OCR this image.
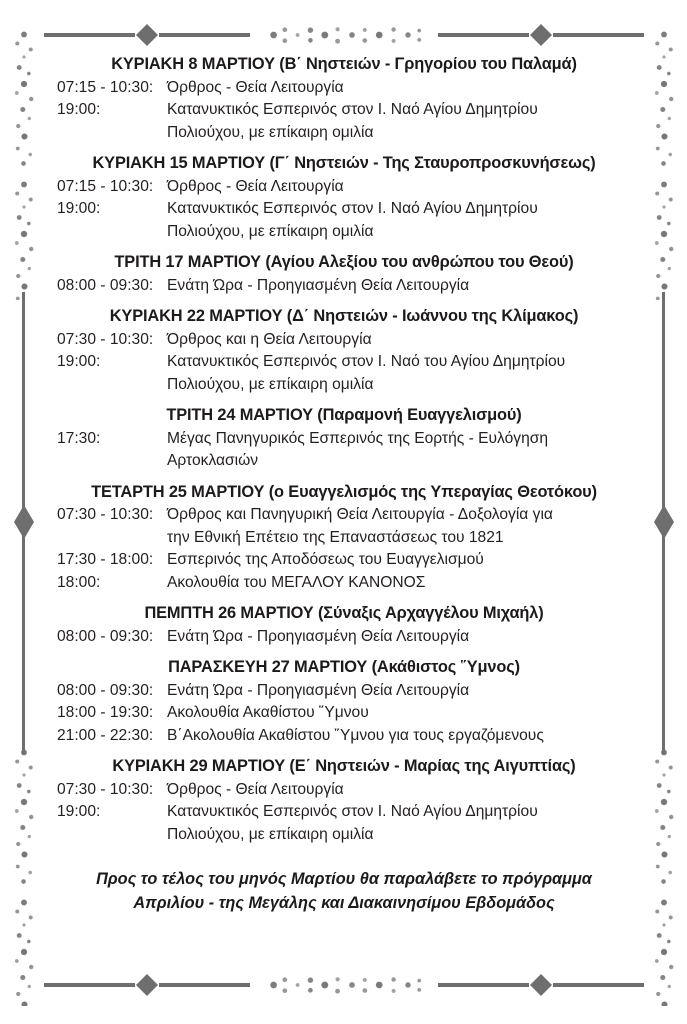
ΚΥΡΙΑΚΗ 8 ΜΑΡΤΙΟΥ (Β΄ Νηστειών - Γρηγορίου του Παλαμά)
07:15 - 10:30: Όρθρος - Θεία Λειτουργία
19:00:	Κατανυκτικός Εσπερινός στον Ι. Ναό Αγίου Δημητρίου
Πολιούχου, με επίκαιρη ομιλία
ΚΥΡΙΑΚΗ 15 ΜΑΡΤΙΟΥ (Γ΄ Νηστειών - Της Σταυροπροσκυνήσεως)
07:15 - 10:30: Όρθρος - Θεία Λειτουργία
19:00:	Κατανυκτικός Εσπερινός στον Ι. Ναό Αγίου Δημητρίου
Πολιούχου, με επίκαιρη ομιλία
ΤΡΙΤΗ 17 ΜΑΡΤΙΟΥ (Αγίου Αλεξίου του ανθρώπου του Θεού)
08:00 - 09:30: Ενάτη Ώρα - Προηγιασμένη Θεία Λειτουργία
ΚΥΡΙΑΚΗ 22 ΜΑΡΤΙΟΥ (Δ΄ Νηστειών - Ιωάννου της Κλίμακος)
07:30 - 10:30: Όρθρος και η Θεία Λειτουργία
19:00:	Κατανυκτικός Εσπερινός στον Ι. Ναό του Αγίου Δημητρίου
Πολιούχου, με επίκαιρη ομιλία
ΤΡΙΤΗ 24 ΜΑΡΤΙΟΥ (Παραμονή Ευαγγελισμού)
17:30:	Μέγας Πανηγυρικός Εσπερινός της Εορτής - Ευλόγηση
Αρτοκλασιών
ΤΕΤΑΡΤΗ 25 ΜΑΡΤΙΟΥ (ο Ευαγγελισμός της Υπεραγίας Θεοτόκου)
07:30 - 10:30: Όρθρος και Πανηγυρική Θεία Λειτουργία - Δοξολογία για
την Εθνική Επέτειο της Επαναστάσεως του 1821
17:30 - 18:00: Εσπερινός της Αποδόσεως του Ευαγγελισμού
18:00:	Ακολουθία του ΜΕΓΑΛΟΥ ΚΑΝΟΝΟΣ
ΠΕΜΠΤΗ 26 ΜΑΡΤΙΟΥ (Σύναξις Αρχαγγέλου Μιχαήλ)
08:00 - 09:30: Ενάτη Ώρα - Προηγιασμένη Θεία Λειτουργία
ΠΑΡΑΣΚΕΥΗ 27 ΜΑΡΤΙΟΥ (Ακάθιστος Ὕμνος)
08:00 - 09:30: Ενάτη Ώρα - Προηγιασμένη Θεία Λειτουργία
18:00 - 19:30: Ακολουθία Ακαθίστου Ὕμνου
21:00 - 22:30: Β΄Ακολουθία Ακαθίστου Ὕμνου για τους εργαζόμενους
ΚΥΡΙΑΚΗ 29 ΜΑΡΤΙΟΥ (Ε΄ Νηστειών - Μαρίας της Αιγυπτίας)
07:30 - 10:30: Όρθρος - Θεία Λειτουργία
19:00:	Κατανυκτικός Εσπερινός στον Ι. Ναό Αγίου Δημητρίου
Πολιούχου, με επίκαιρη ομιλία
Προς το τέλος του μηνός Μαρτίου θα παραλάβετε το πρόγραμμα
Απριλίου - της Μεγάλης και Διακαινησίμου Εβδομάδος
